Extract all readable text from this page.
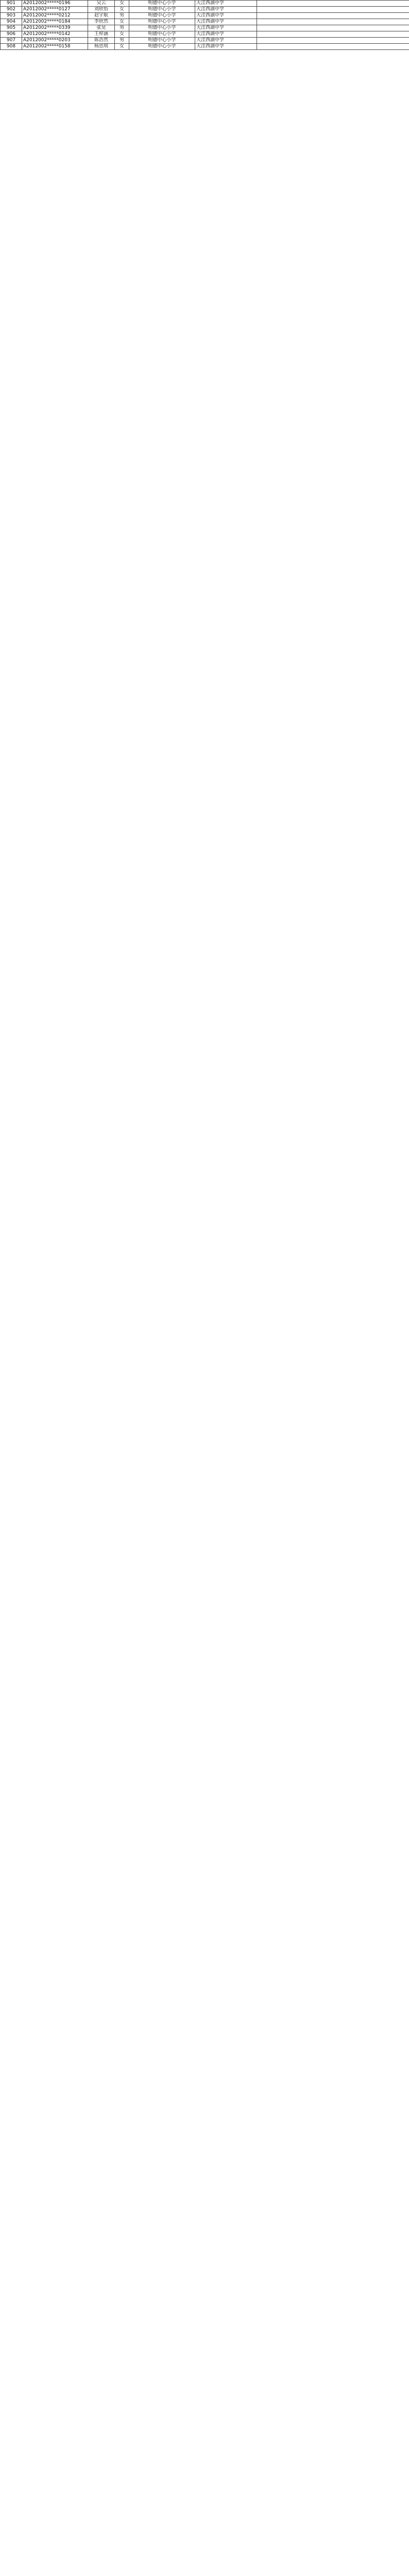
901	A2012002*****0196	吴云	女	明德中心小学	大洼西湖中学	
902	A2012002*****0127	刘欣怡	女	明德中心小学	大洼西湖中学	
903	A2012002*****0212	赵宇航	男	明德中心小学	大洼西湖中学	
904	A2012002*****0184	李欣然	女	明德中心小学	大洼西湖中学	
905	A2012002*****0339	张昊	男	明德中心小学	大洼西湖中学	
906	A2012002*****0142	王梓涵	女	明德中心小学	大洼西湖中学	
907	A2012002*****0203	陈浩然	男	明德中心小学	大洼西湖中学	
908	A2012002*****0158	杨思琪	女	明德中心小学	大洼西湖中学	
